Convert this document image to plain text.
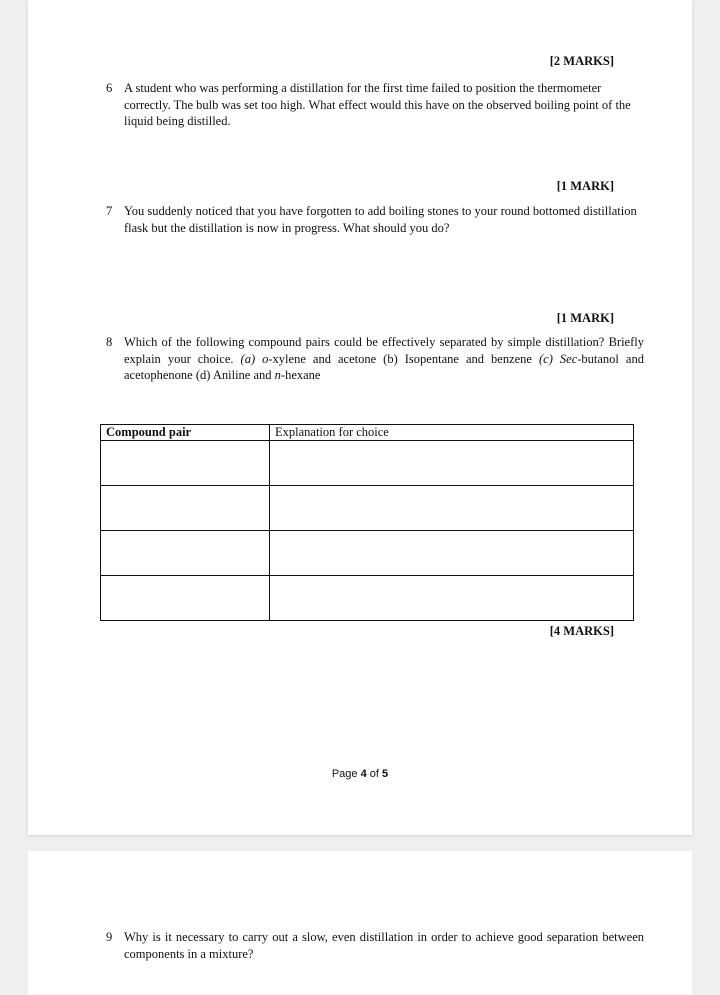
[2 MARKS]
6 A student who was performing a distillation for the first time failed to position the thermometer correctly. The bulb was set too high. What effect would this have on the observed boiling point of the liquid being distilled.
[1 MARK]
7 You suddenly noticed that you have forgotten to add boiling stones to your round bottomed distillation flask but the distillation is now in progress. What should you do?
[1 MARK]
8 Which of the following compound pairs could be effectively separated by simple distillation? Briefly explain your choice. (a) o-xylene and acetone (b) Isopentane and benzene (c) Sec-butanol and acetophenone (d) Aniline and n-hexane
Compound pair	Explanation for choice

[4 MARKS]
Page 4 of 5
9 Why is it necessary to carry out a slow, even distillation in order to achieve good separation between components in a mixture?
